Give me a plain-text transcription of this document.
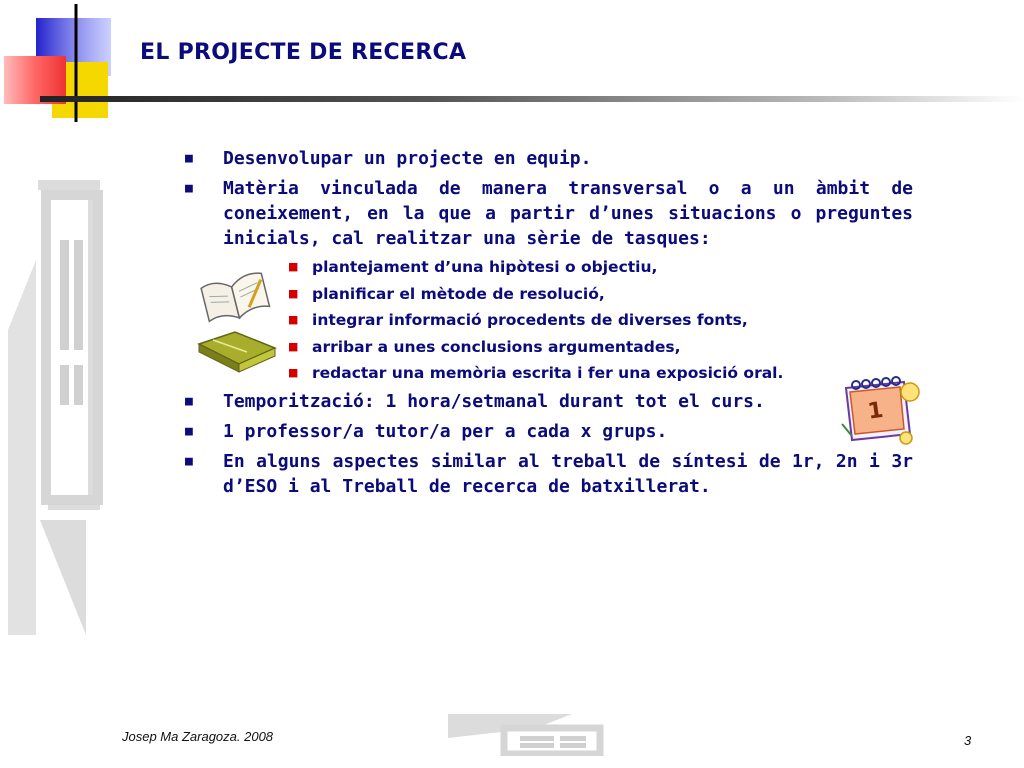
EL PROJECTE DE RECERCA
■ Desenvolupar un projecte en equip.
■ Matèria vinculada de manera transversal o a un àmbit de coneixement, en la que a partir d’unes situacions o preguntes inicials, cal realitzar una sèrie de tasques:
■ plantejament d’una hipòtesi o objectiu,
■ planificar el mètode de resolució,
■ integrar informació procedents de diverses fonts,
■ arribar a unes conclusions argumentades,
■ redactar una memòria escrita i fer una exposició oral.
■ Temporització: 1 hora/setmanal durant tot el curs.
■ 1 professor/a tutor/a per a cada x grups.
■ En alguns aspectes similar al treball de síntesi de 1r, 2n i 3r d’ESO i al Treball de recerca de batxillerat.
1
Josep Ma Zaragoza. 2008	3
